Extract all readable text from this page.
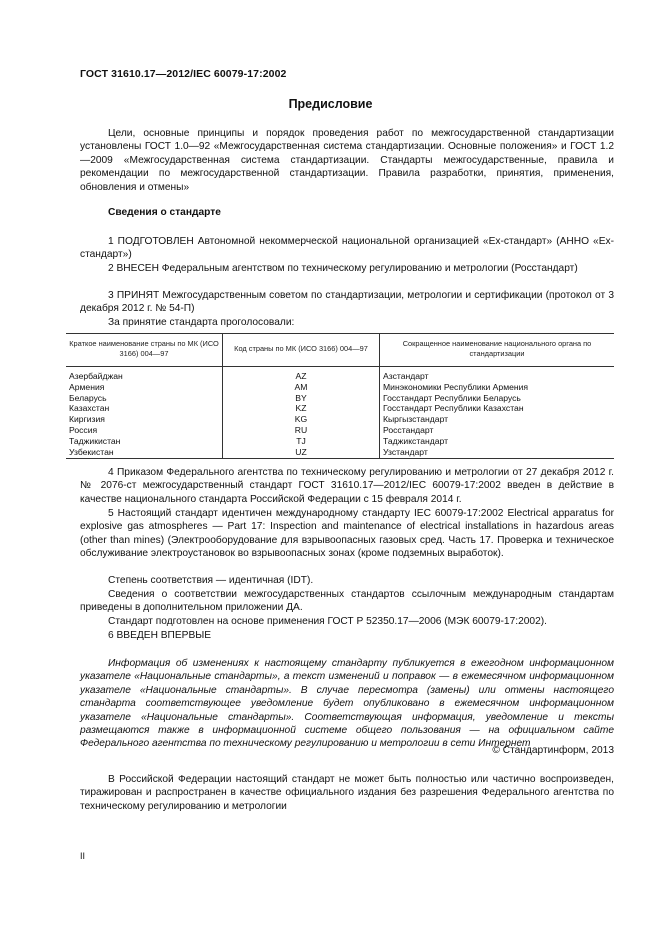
ГОСТ 31610.17—2012/IEC 60079-17:2002
Предисловие
Цели, основные принципы и порядок проведения работ по межгосударственной стандартизации установлены ГОСТ 1.0—92 «Межгосударственная система стандартизации. Основные положения» и ГОСТ 1.2—2009 «Межгосударственная система стандартизации. Стандарты межгосударственные, правила и рекомендации по межгосударственной стандартизации. Правила разработки, принятия, применения, обновления и отмены»
Сведения о стандарте
1 ПОДГОТОВЛЕН Автономной некоммерческой национальной организацией «Ех-стандарт» (АННО «Ех-стандарт»)
2 ВНЕСЕН Федеральным агентством по техническому регулированию и метрологии (Росстандарт)
3 ПРИНЯТ Межгосударственным советом по стандартизации, метрологии и сертификации (протокол от 3 декабря 2012 г. № 54-П)
За принятие стандарта проголосовали:
Краткое наименование страны по МК (ИСО 3166) 004—97	Код страны по МК (ИСО 3166) 004—97	Сокращенное наименование национального органа по стандартизации
Азербайджан	AZ	Азстандарт
Армения	AM	Минэкономики Республики Армения
Беларусь	BY	Госстандарт Республики Беларусь
Казахстан	KZ	Госстандарт Республики Казахстан
Киргизия	KG	Кыргызстандарт
Россия	RU	Росстандарт
Таджикистан	TJ	Таджикстандарт
Узбекистан	UZ	Узстандарт
4 Приказом Федерального агентства по техническому регулированию и метрологии от 27 декабря 2012 г. № 2076-ст межгосударственный стандарт ГОСТ 31610.17—2012/IEC 60079-17:2002 введен в действие в качестве национального стандарта Российской Федерации с 15 февраля 2014 г.
5 Настоящий стандарт идентичен международному стандарту IEC 60079-17:2002 Electrical apparatus for explosive gas atmospheres — Part 17: Inspection and maintenance of electrical installations in hazardous areas (other than mines) (Электрооборудование для взрывоопасных газовых сред. Часть 17. Проверка и техническое обслуживание электроустановок во взрывоопасных зонах (кроме подземных выработок).
Степень соответствия — идентичная (IDT).
Сведения о соответствии межгосударственных стандартов ссылочным международным стандартам приведены в дополнительном приложении ДА.
Стандарт подготовлен на основе применения ГОСТ Р 52350.17—2006 (МЭК 60079-17:2002).
6 ВВЕДЕН ВПЕРВЫЕ
Информация об изменениях к настоящему стандарту публикуется в ежегодном информационном указателе «Национальные стандарты», а текст изменений и поправок — в ежемесячном информационном указателе «Национальные стандарты». В случае пересмотра (замены) или отмены настоящего стандарта соответствующее уведомление будет опубликовано в ежемесячном информационном указателе «Национальные стандарты». Соответствующая информация, уведомление и тексты размещаются также в информационной системе общего пользования — на официальном сайте Федерального агентства по техническому регулированию и метрологии в сети Интернет
© Стандартинформ, 2013
В Российской Федерации настоящий стандарт не может быть полностью или частично воспроизведен, тиражирован и распространен в качестве официального издания без разрешения Федерального агентства по техническому регулированию и метрологии
II
